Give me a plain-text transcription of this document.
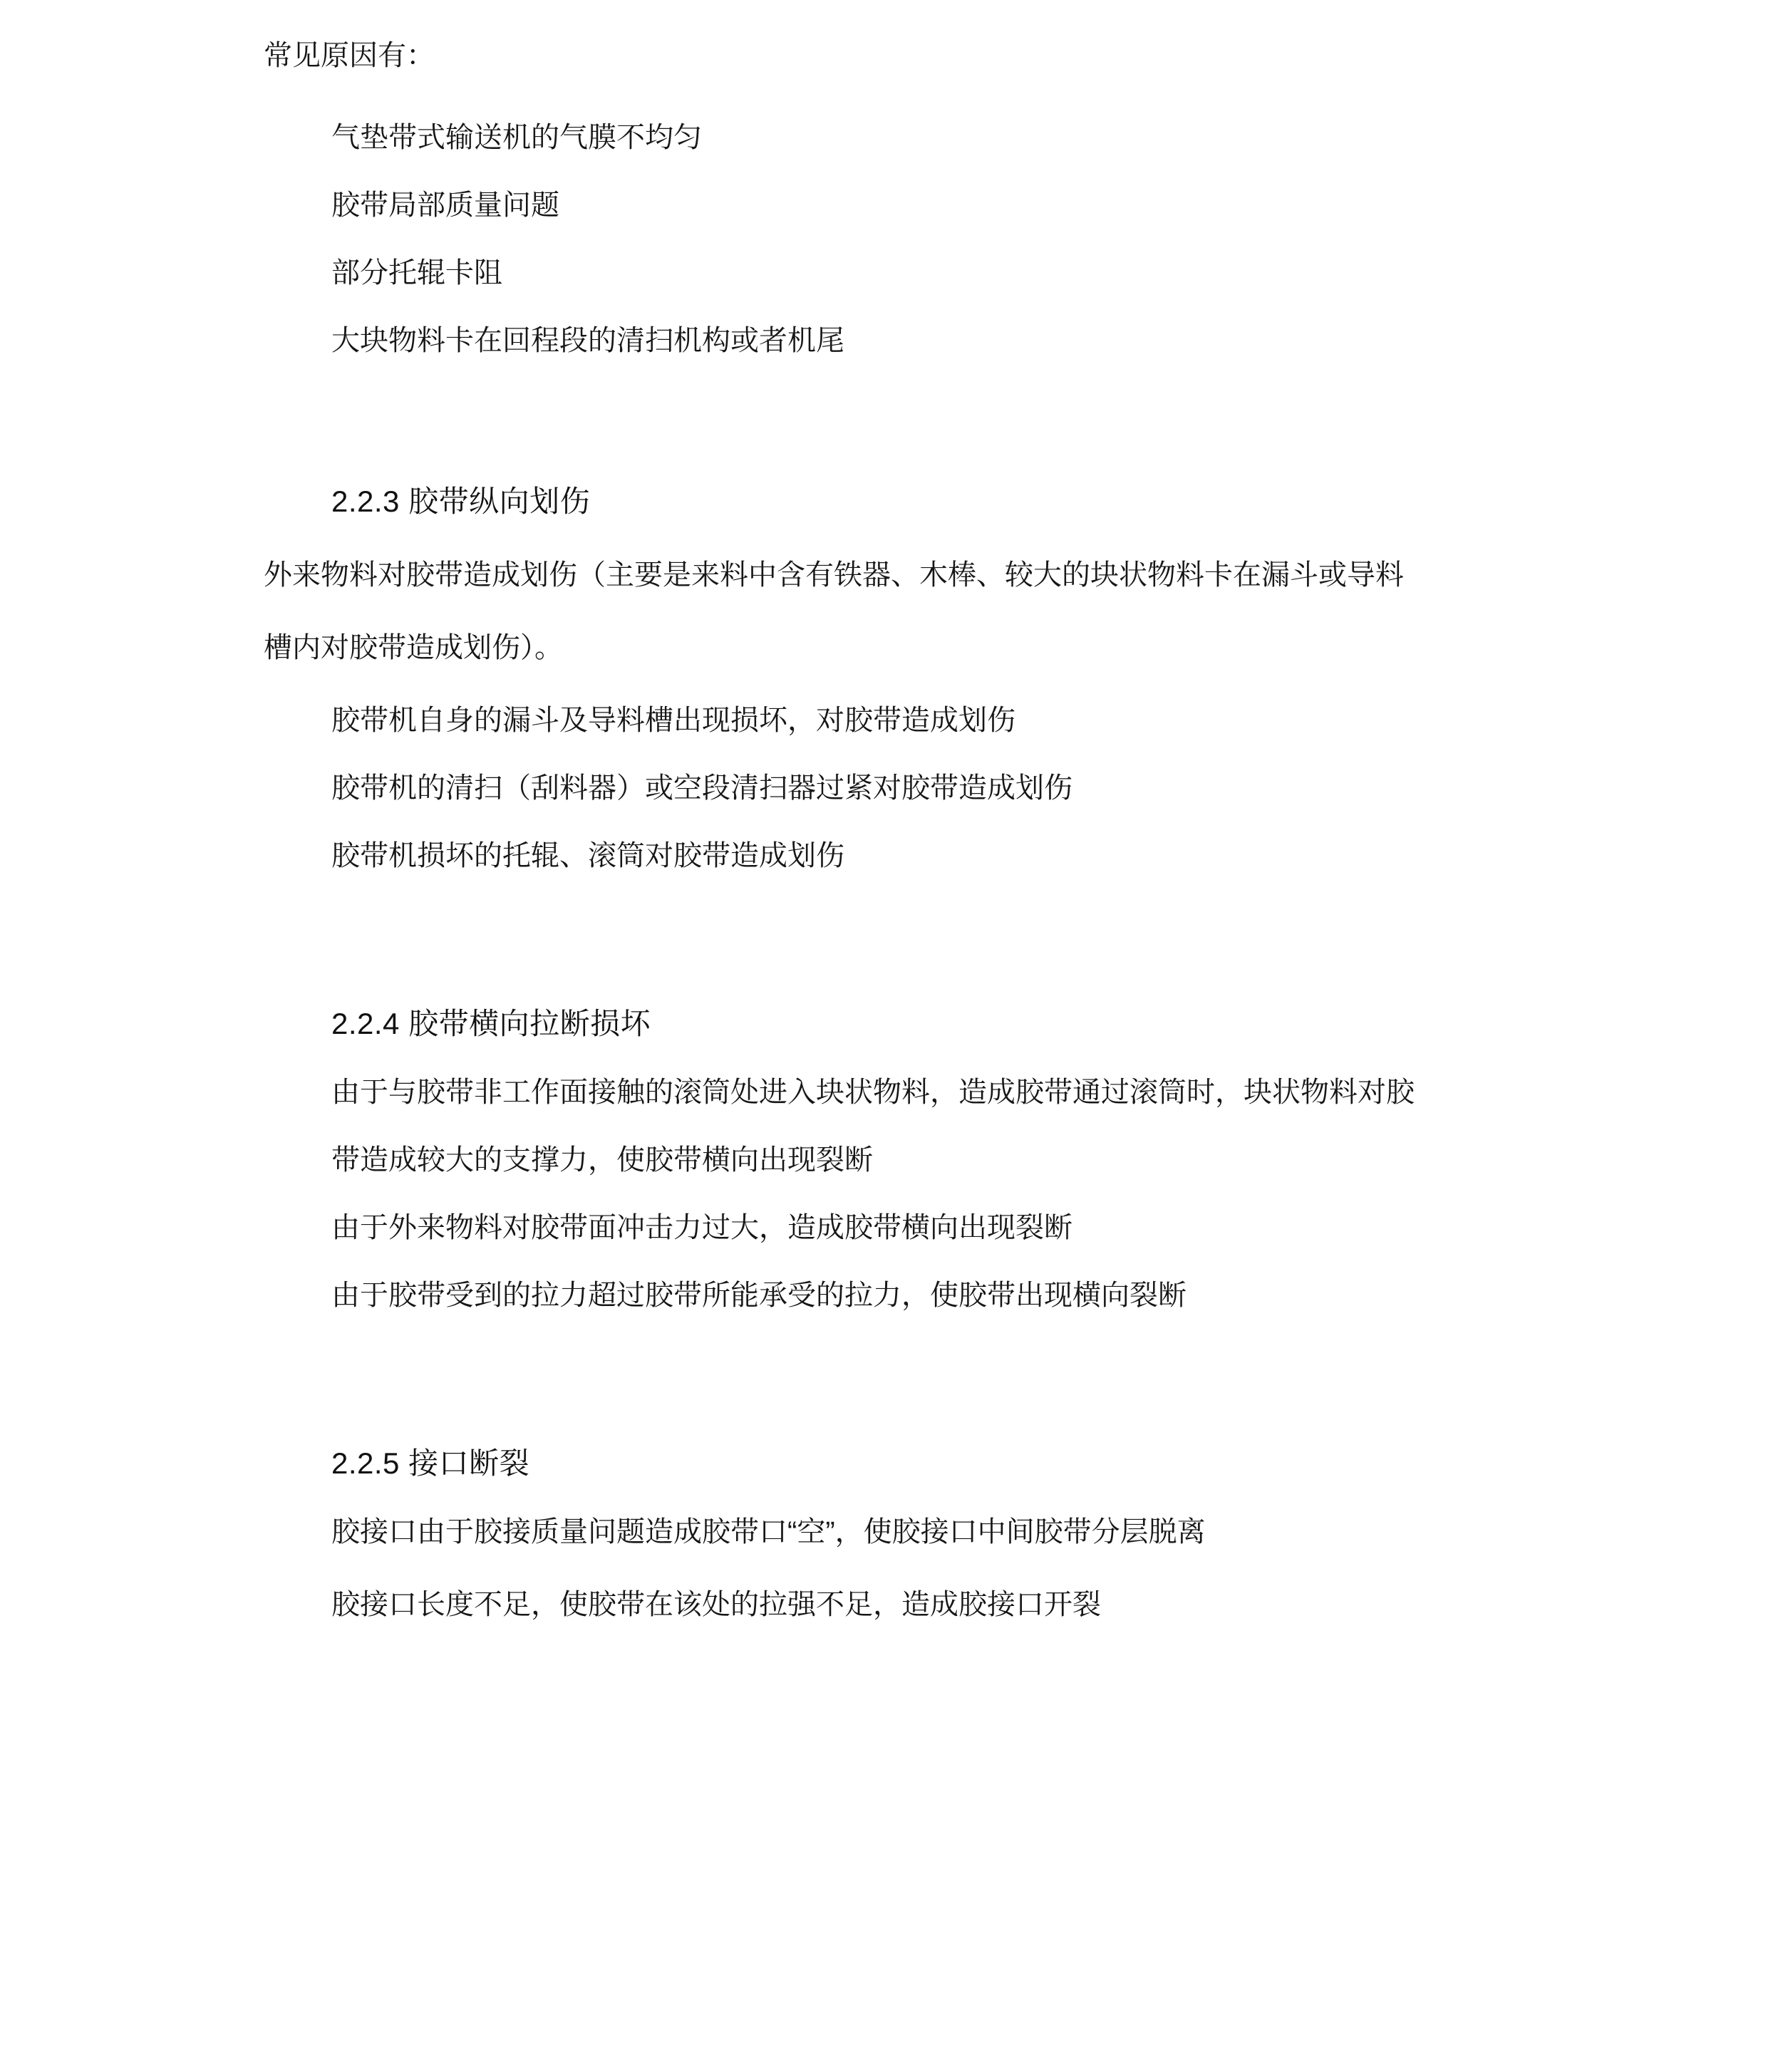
常见原因有：
气垫带式输送机的气膜不均匀
胶带局部质量问题
部分托辊卡阻
大块物料卡在回程段的清扫机构或者机尾
2.2.3 胶带纵向划伤
外来物料对胶带造成划伤（主要是来料中含有铁器、木棒、较大的块状物料卡在漏斗或导料
槽内对胶带造成划伤）。
胶带机自身的漏斗及导料槽出现损坏，对胶带造成划伤
胶带机的清扫（刮料器）或空段清扫器过紧对胶带造成划伤
胶带机损坏的托辊、滚筒对胶带造成划伤
2.2.4 胶带横向拉断损坏
由于与胶带非工作面接触的滚筒处进入块状物料，造成胶带通过滚筒时，块状物料对胶
带造成较大的支撑力，使胶带横向出现裂断
由于外来物料对胶带面冲击力过大，造成胶带横向出现裂断
由于胶带受到的拉力超过胶带所能承受的拉力，使胶带出现横向裂断
2.2.5 接口断裂
胶接口由于胶接质量问题造成胶带口“空”，使胶接口中间胶带分层脱离
胶接口长度不足，使胶带在该处的拉强不足，造成胶接口开裂
